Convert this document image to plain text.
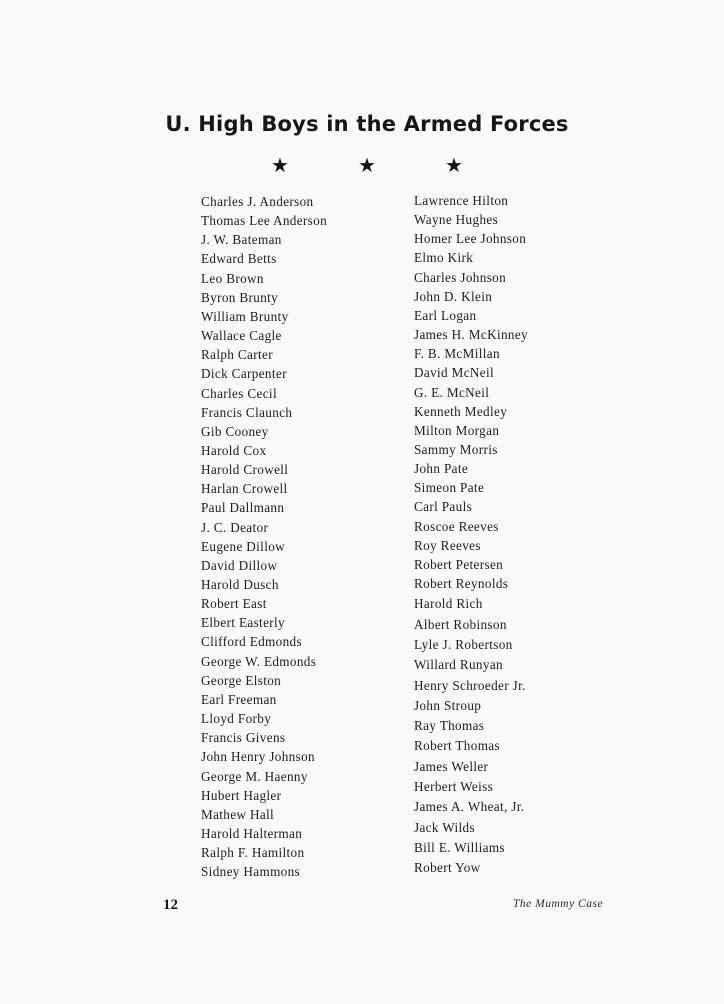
U. High Boys in the Armed Forces
★	★	★
Charles J. Anderson
Thomas Lee Anderson
J. W. Bateman
Edward Betts
Leo Brown
Byron Brunty
William Brunty
Wallace Cagle
Ralph Carter
Dick Carpenter
Charles Cecil
Francis Claunch
Gib Cooney
Harold Cox
Harold Crowell
Harlan Crowell
Paul Dallmann
J. C. Deator
Eugene Dillow
David Dillow
Harold Dusch
Robert East
Elbert Easterly
Clifford Edmonds
George W. Edmonds
George Elston
Earl Freeman
Lloyd Forby
Francis Givens
John Henry Johnson
George M. Haenny
Hubert Hagler
Mathew Hall
Harold Halterman
Ralph F. Hamilton
Sidney Hammons
Lawrence Hilton
Wayne Hughes
Homer Lee Johnson
Elmo Kirk
Charles Johnson
John D. Klein
Earl Logan
James H. McKinney
F. B. McMillan
David McNeil
G. E. McNeil
Kenneth Medley
Milton Morgan
Sammy Morris
John Pate
Simeon Pate
Carl Pauls
Roscoe Reeves
Roy Reeves
Robert Petersen
Robert Reynolds
Harold Rich
Albert Robinson
Lyle J. Robertson
Willard Runyan
Henry Schroeder Jr.
John Stroup
Ray Thomas
Robert Thomas
James Weller
Herbert Weiss
James A. Wheat, Jr.
Jack Wilds
Bill E. Williams
Robert Yow
12	The Mummy Case
